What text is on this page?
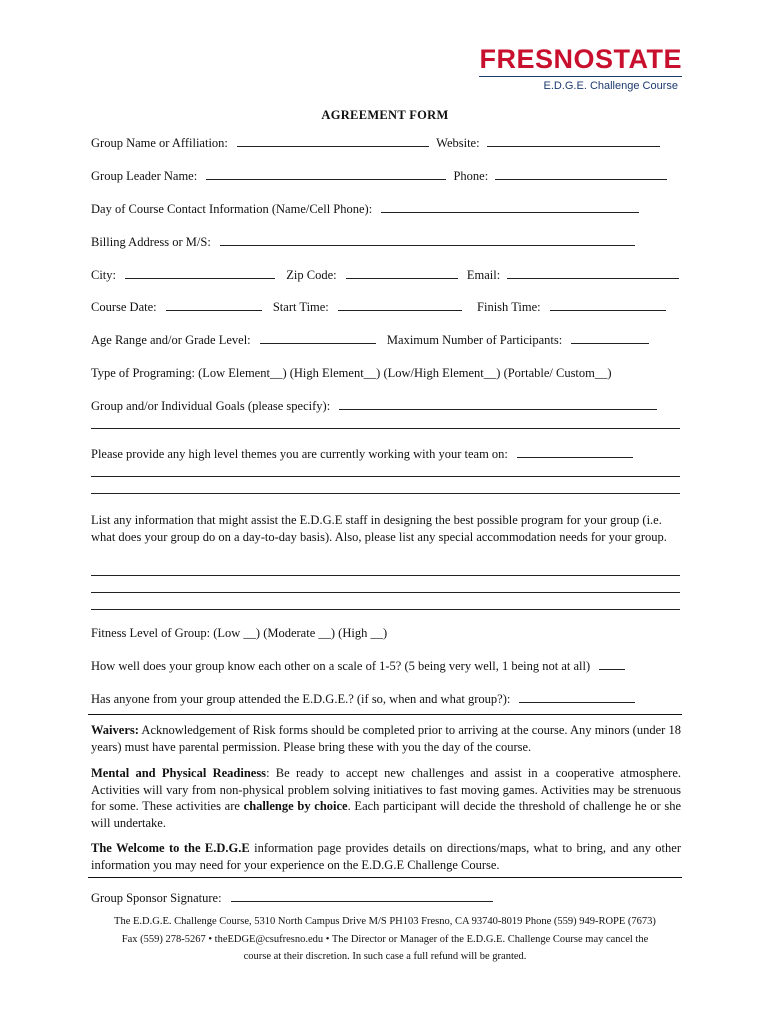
FRESNOSTATE
E.D.G.E. Challenge Course
AGREEMENT FORM
Group Name or Affiliation:	Website:
Group Leader Name:	Phone:
Day of Course Contact Information (Name/Cell Phone):
Billing Address or M/S:
City:	Zip Code:	Email:
Course Date:	Start Time:	Finish Time:
Age Range and/or Grade Level:	Maximum Number of Participants:
Type of Programing: (Low Element__) (High Element__) (Low/High Element__) (Portable/ Custom__)
Group and/or Individual Goals (please specify):
Please provide any high level themes you are currently working with your team on:
List any information that might assist the E.D.G.E staff in designing the best possible program for your group (i.e. what does your group do on a day-to-day basis). Also, please list any special accommodation needs for your group.
Fitness Level of Group: (Low __) (Moderate __) (High __)
How well does your group know each other on a scale of 1-5? (5 being very well, 1 being not at all)
Has anyone from your group attended the E.D.G.E.? (if so, when and what group?):
Waivers: Acknowledgement of Risk forms should be completed prior to arriving at the course. Any minors (under 18 years) must have parental permission. Please bring these with you the day of the course.
Mental and Physical Readiness: Be ready to accept new challenges and assist in a cooperative atmosphere. Activities will vary from non-physical problem solving initiatives to fast moving games. Activities may be strenuous for some. These activities are challenge by choice. Each participant will decide the threshold of challenge he or she will undertake.
The Welcome to the E.D.G.E information page provides details on directions/maps, what to bring, and any other information you may need for your experience on the E.D.G.E Challenge Course.
Group Sponsor Signature:
The E.D.G.E. Challenge Course, 5310 North Campus Drive M/S PH103 Fresno, CA 93740-8019 Phone (559) 949-ROPE (7673)
Fax (559) 278-5267 • theEDGE@csufresno.edu • The Director or Manager of the E.D.G.E. Challenge Course may cancel the
course at their discretion. In such case a full refund will be granted.
